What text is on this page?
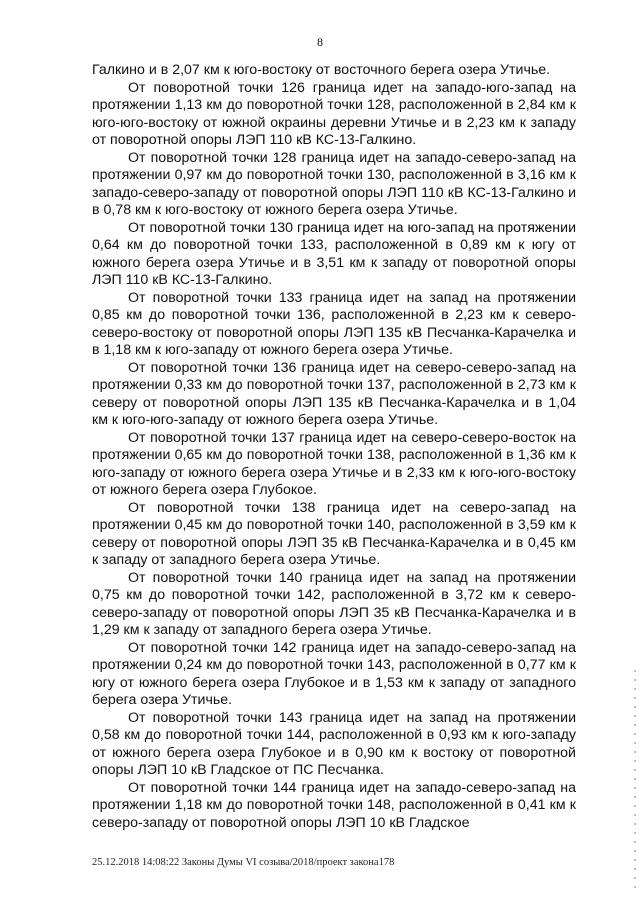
8

Галкино и в 2,07 км к юго-востоку от восточного берега озера Утичье.

От поворотной точки 126 граница идет на западо-юго-запад на протяжении 1,13 км до поворотной точки 128, расположенной в 2,84 км к юго-юго-востоку от южной окраины деревни Утичье и в 2,23 км к западу от поворотной опоры ЛЭП 110 кВ КС-13-Галкино.

От поворотной точки 128 граница идет на западо-северо-запад на протяжении 0,97 км до поворотной точки 130, расположенной в 3,16 км к западо-северо-западу от поворотной опоры ЛЭП 110 кВ КС-13-Галкино и в 0,78 км к юго-востоку от южного берега озера Утичье.

От поворотной точки 130 граница идет на юго-запад на протяжении 0,64 км до поворотной точки 133, расположенной в 0,89 км к югу от южного берега озера Утичье и в 3,51 км к западу от поворотной опоры ЛЭП 110 кВ КС-13-Галкино.

От поворотной точки 133 граница идет на запад на протяжении 0,85 км до поворотной точки 136, расположенной в 2,23 км к северо-северо-востоку от поворотной опоры ЛЭП 135 кВ Песчанка-Карачелка и в 1,18 км к юго-западу от южного берега озера Утичье.

От поворотной точки 136 граница идет на северо-северо-запад на протяжении 0,33 км до поворотной точки 137, расположенной в 2,73 км к северу от поворотной опоры ЛЭП 135 кВ Песчанка-Карачелка и в 1,04 км к юго-юго-западу от южного берега озера Утичье.

От поворотной точки 137 граница идет на северо-северо-восток на протяжении 0,65 км до поворотной точки 138, расположенной в 1,36 км к юго-западу от южного берега озера Утичье и в 2,33 км к юго-юго-востоку от южного берега озера Глубокое.

От поворотной точки 138 граница идет на северо-запад на протяжении 0,45 км до поворотной точки 140, расположенной в 3,59 км к северу от поворотной опоры ЛЭП 35 кВ Песчанка-Карачелка и в 0,45 км к западу от западного берега озера Утичье.

От поворотной точки 140 граница идет на запад на протяжении 0,75 км до поворотной точки 142, расположенной в 3,72 км к северо-северо-западу от поворотной опоры ЛЭП 35 кВ Песчанка-Карачелка и в 1,29 км к западу от западного берега озера Утичье.

От поворотной точки 142 граница идет на западо-северо-запад на протяжении 0,24 км до поворотной точки 143, расположенной в 0,77 км к югу от южного берега озера Глубокое и в 1,53 км к западу от западного берега озера Утичье.

От поворотной точки 143 граница идет на запад на протяжении 0,58 км до поворотной точки 144, расположенной в 0,93 км к юго-западу от южного берега озера Глубокое и в 0,90 км к востоку от поворотной опоры ЛЭП 10 кВ Гладское от ПС Песчанка.

От поворотной точки 144 граница идет на западо-северо-запад на протяжении 1,18 км до поворотной точки 148, расположенной в 0,41 км к северо-западу от поворотной опоры ЛЭП 10 кВ Гладское

25.12.2018 14:08:22 Законы Думы VI созыва/2018/проект закона178
